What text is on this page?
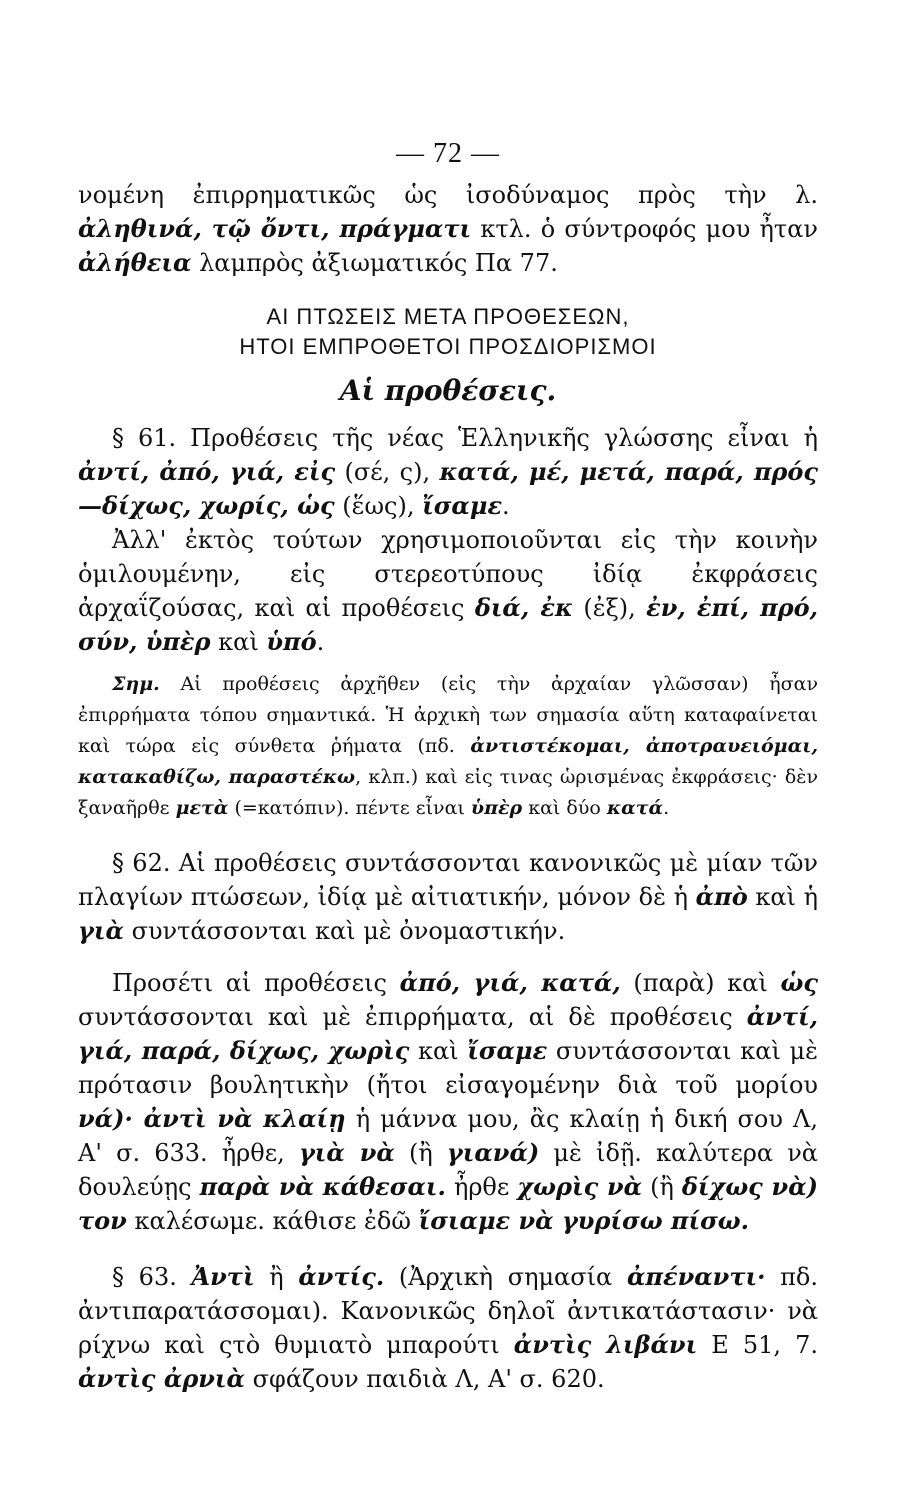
— 72 —

νομένη ἐπιρρηματικῶς ὡς ἰσοδύναμος πρὸς τὴν λ. ἀληθινά, τῷ ὄντι, πράγματι κτλ. ὁ σύντροφός μου ἦταν ἀλήθεια λαμπρὸς ἀξιωματικός Πα 77.

ΑΙ ΠΤΩΣΕΙΣ ΜΕΤΑ ΠΡΟΘΕΣΕΩΝ,
ΗΤΟΙ ΕΜΠΡΟΘΕΤΟΙ ΠΡΟΣΔΙΟΡΙΣΜΟΙ
Αἱ προθέσεις.

§ 61. Προθέσεις τῆς νέας Ἑλληνικῆς γλώσσης εἶναι ἡ ἀντί, ἀπό, γιά, εἰς (σέ, ς), κατά, μέ, μετά, παρά, πρός—δίχως, χωρίς, ὡς (ἕως), ἴσαμε.

Ἀλλ' ἐκτὸς τούτων χρησιμοποιοῦνται εἰς τὴν κοινὴν ὁμιλουμένην, εἰς στερεοτύπους ἰδίᾳ ἐκφράσεις ἀρχαΐζούσας, καὶ αἱ προθέσεις διά, ἐκ (ἐξ), ἐν, ἐπί, πρό, σύν, ὑπὲρ καὶ ὑπό.

Σημ. Αἱ προθέσεις ἀρχῆθεν (εἰς τὴν ἀρχαίαν γλῶσσαν) ἦσαν ἐπιρρήματα τόπου σημαντικά. Ἡ ἀρχικὴ των σημασία αὕτη καταφαίνεται καὶ τώρα εἰς σύνθετα ῥήματα (πδ. ἀντιστέκομαι, ἀποτραυειόμαι, κατακαθίζω, παραστέκω, κλπ.) καὶ εἰς τινας ὡρισμένας ἐκφράσεις· δὲν ξαναῆρθε μετὰ (=κατόπιν). πέντε εἶναι ὑπὲρ καὶ δύο κατά.

§ 62. Αἱ προθέσεις συντάσσονται κανονικῶς μὲ μίαν τῶν πλαγίων πτώσεων, ἰδίᾳ μὲ αἰτιατικήν, μόνον δὲ ἡ ἀπὸ καὶ ἡ γιὰ συντάσσονται καὶ μὲ ὀνομαστικήν.

Προσέτι αἱ προθέσεις ἀπό, γιά, κατά, (παρὰ) καὶ ὡς συντάσσονται καὶ μὲ ἐπιρρήματα, αἱ δὲ προθέσεις ἀντί, γιά, παρά, δίχως, χωρὶς καὶ ἴσαμε συντάσσονται καὶ μὲ πρότασιν βουλητικὴν (ἤτοι εἰσαγομένην διὰ τοῦ μορίου νά)· ἀντὶ νὰ κλαίῃ ἡ μάννα μου, ἂς κλαίῃ ἡ δική σου Λ, Α' σ. 633. ἦρθε, γιὰ νὰ (ἢ γιανά) μὲ ἰδῇ. καλύτερα νὰ δουλεύῃς παρὰ νὰ κάθεσαι. ἦρθε χωρὶς νὰ (ἢ δίχως νὰ) τον καλέσωμε. κάθισε ἐδῶ ἴσιαμε νὰ γυρίσω πίσω.

§ 63. Ἀντὶ ἢ ἀντίς. (Ἀρχικὴ σημασία ἀπέναντι· πδ. ἀντιπαρατάσσομαι). Κανονικῶς δηλοῖ ἀντικατάστασιν· νὰ ρίχνω καὶ ςτὸ θυμιατὸ μπαρούτι ἀντὶς λιβάνι Ε 51, 7. ἀντὶς ἀρνιὰ σφάζουν παιδιὰ Λ, Α' σ. 620.
